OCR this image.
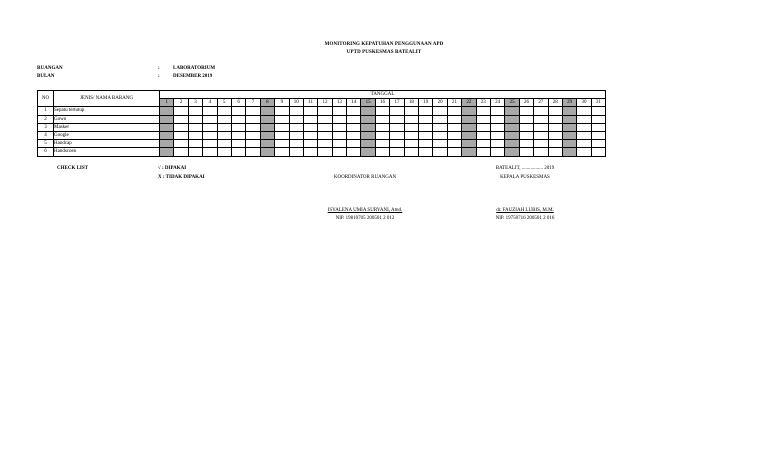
MONITORING KEPATUHAN PENGGUNAAN APD
UPTD PUSKESMAS BATEALIT
RUANGAN	:	LABORATORIUM
BULAN	:	DESEMBER 2019
NO	JENIS/ NAMA BARANG	TANGGAL																														
		1	2	3	4	5	6	7	8	9	10	11	12	13	14	15	16	17	18	19	20	21	22	23	24	25	26	27	28	29	30	31
1	Sepatu tertutup																															
2	Gown																															
3	Masker																															
4	Google																															
5	Handcap																															
6	Handscoen																															
CHECK LIST	√ : DIPAKAI
X : TIDAK DIPAKAI
BATEALIT, ................. 2019
KOORDINATOR RUANGAN	KEPALA PUSKESMAS
ISYALENA UMIA SURYANI, Amd.
NIP. 19810705 200501 2 012
dr. FAUZIAH LUBIS, M.M.
NIP. 19750716 200501 2 016
